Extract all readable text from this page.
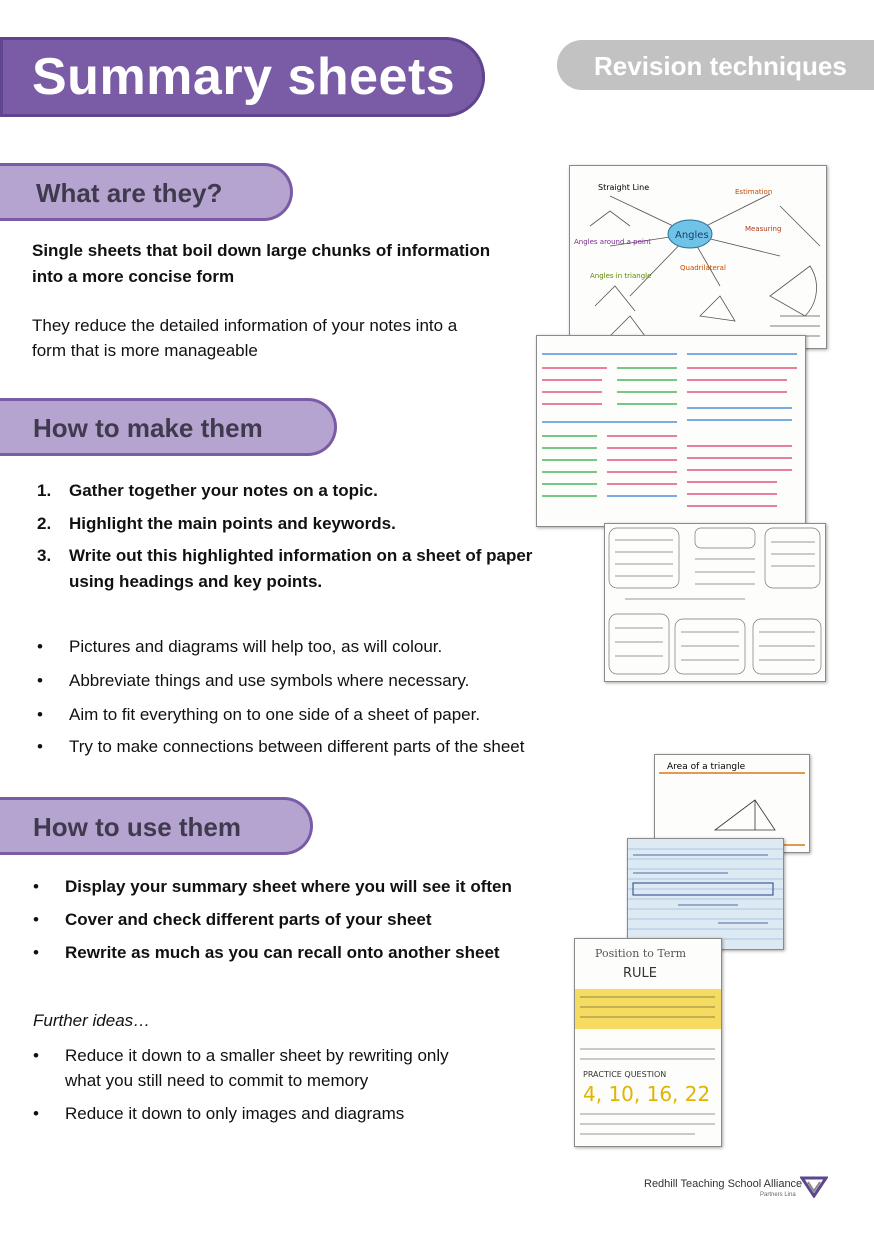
Summary sheets	Revision techniques
What are they?
Single sheets that boil down large chunks of information
into a more concise form
They reduce the detailed information of your notes into a
form that is more manageable
How to make them
1. Gather together your notes on a topic.
2. Highlight the main points and keywords.
3. Write out this highlighted information on a sheet of paper
using headings and key points.
• Pictures and diagrams will help too, as will colour.
• Abbreviate things and use symbols where necessary.
• Aim to fit everything on to one side of a sheet of paper.
• Try to make connections between different parts of the sheet
How to use them
• Display your summary sheet where you will see it often
• Cover and check different parts of your sheet
• Rewrite as much as you can recall onto another sheet
Further ideas…
• Reduce it down to a smaller sheet by rewriting only
what you still need to commit to memory
• Reduce it down to only images and diagrams
Angles
Straight Line	Estimation
Measuring
Angles around a point
Quadrilateral
Angles in triangle
Area of a triangle
Position to Term
RULE
PRACTICE QUESTION
4, 10, 16, 22
Redhill Teaching School Alliance
Partners Lina
